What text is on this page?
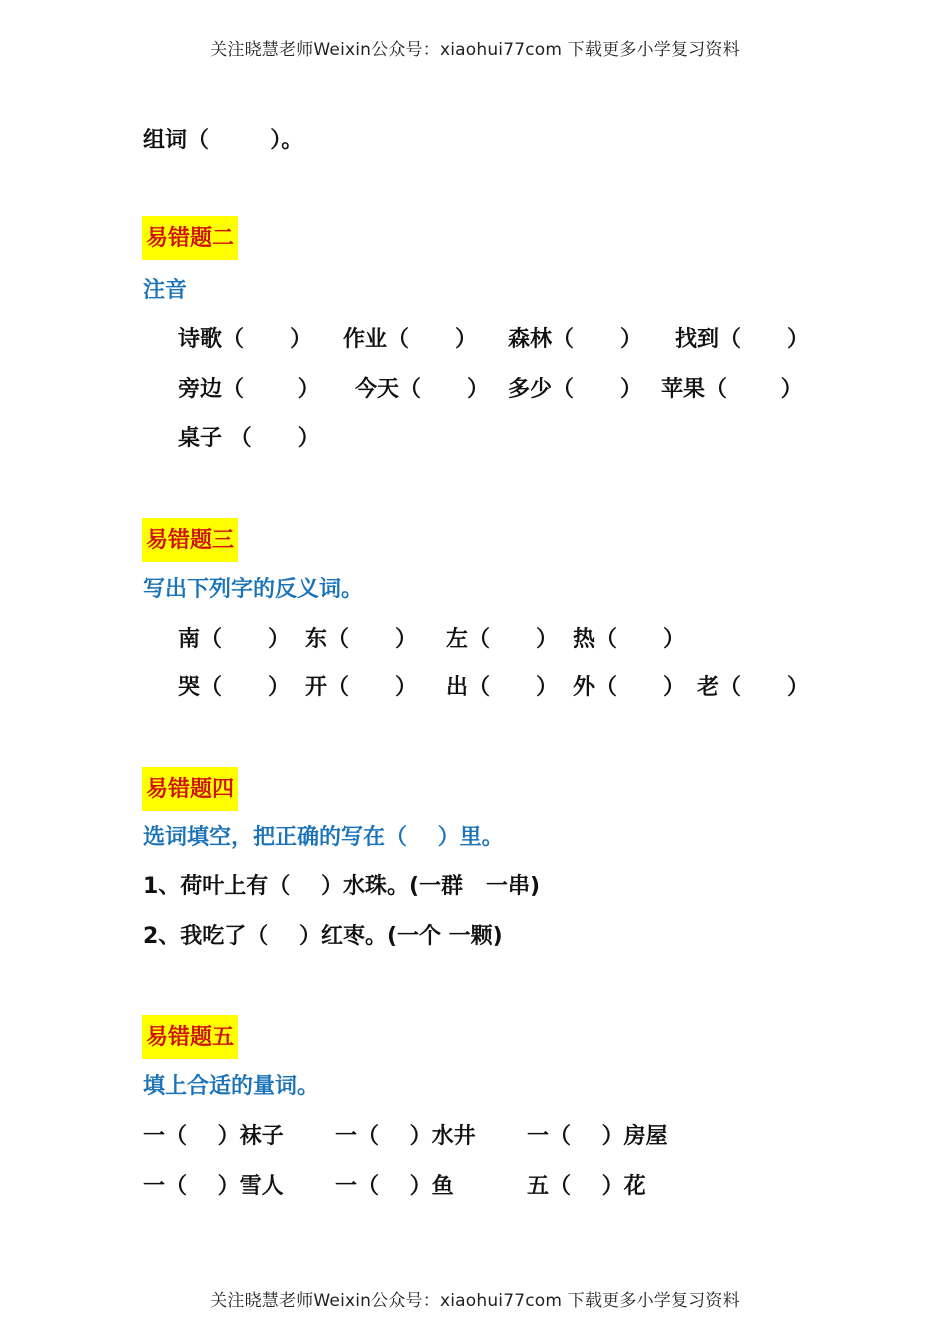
关注晓慧老师Weixin公众号：xiaohui77com 下载更多小学复习资料
组词（        ）。
易错题二
注音
诗歌（      ） 作业（      ） 森林（      ） 找到（      ）
旁边（       ） 今天（      ） 多少（      ） 苹果（       ）
桌子 （      ）
易错题三
写出下列字的反义词。
南（      ） 东（      ） 左（      ） 热（      ）
哭（      ） 开（      ） 出（      ） 外（      ） 老（      ）
易错题四
选词填空，把正确的写在（    ）里。
1、荷叶上有（    ）水珠。(一群   一串)
2、我吃了（    ）红枣。(一个 一颗)
易错题五
填上合适的量词。
一（    ）袜子 一（    ）水井 一（    ）房屋
一（    ）雪人 一（    ）鱼	五（    ）花
关注晓慧老师Weixin公众号：xiaohui77com 下载更多小学复习资料
